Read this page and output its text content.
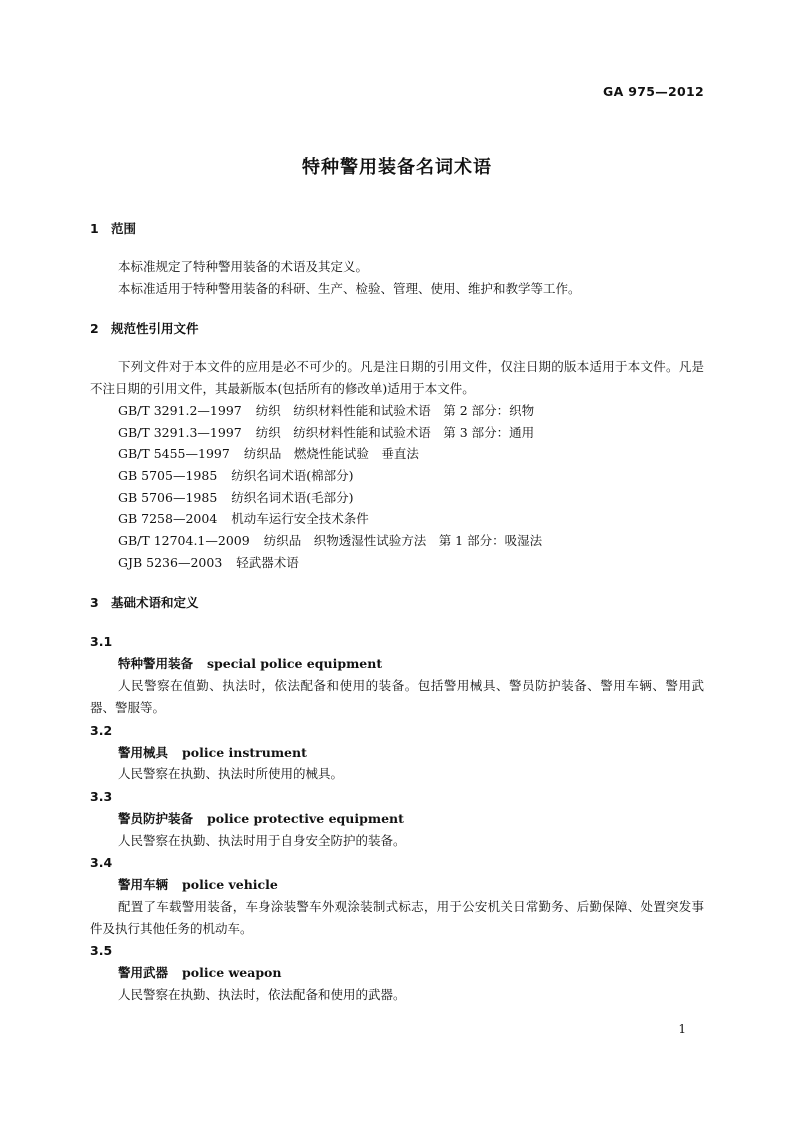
GA 975—2012
特种警用装备名词术语
1 范围
本标准规定了特种警用装备的术语及其定义。
本标准适用于特种警用装备的科研、生产、检验、管理、使用、维护和教学等工作。
2 规范性引用文件
下列文件对于本文件的应用是必不可少的。凡是注日期的引用文件，仅注日期的版本适用于本文件。凡是不注日期的引用文件，其最新版本(包括所有的修改单)适用于本文件。
GB/T 3291.2—1997 纺织　纺织材料性能和试验术语　第 2 部分：织物
GB/T 3291.3—1997 纺织　纺织材料性能和试验术语　第 3 部分：通用
GB/T 5455—1997 纺织品　燃烧性能试验　垂直法
GB 5705—1985 纺织名词术语(棉部分)
GB 5706—1985 纺织名词术语(毛部分)
GB 7258—2004 机动车运行安全技术条件
GB/T 12704.1—2009 纺织品　织物透湿性试验方法　第 1 部分：吸湿法
GJB 5236—2003 轻武器术语
3 基础术语和定义
3.1
特种警用装备 special police equipment
人民警察在值勤、执法时，依法配备和使用的装备。包括警用械具、警员防护装备、警用车辆、警用武器、警服等。
3.2
警用械具 police instrument
人民警察在执勤、执法时所使用的械具。
3.3
警员防护装备 police protective equipment
人民警察在执勤、执法时用于自身安全防护的装备。
3.4
警用车辆 police vehicle
配置了车载警用装备，车身涂装警车外观涂装制式标志，用于公安机关日常勤务、后勤保障、处置突发事件及执行其他任务的机动车。
3.5
警用武器 police weapon
人民警察在执勤、执法时，依法配备和使用的武器。
1
